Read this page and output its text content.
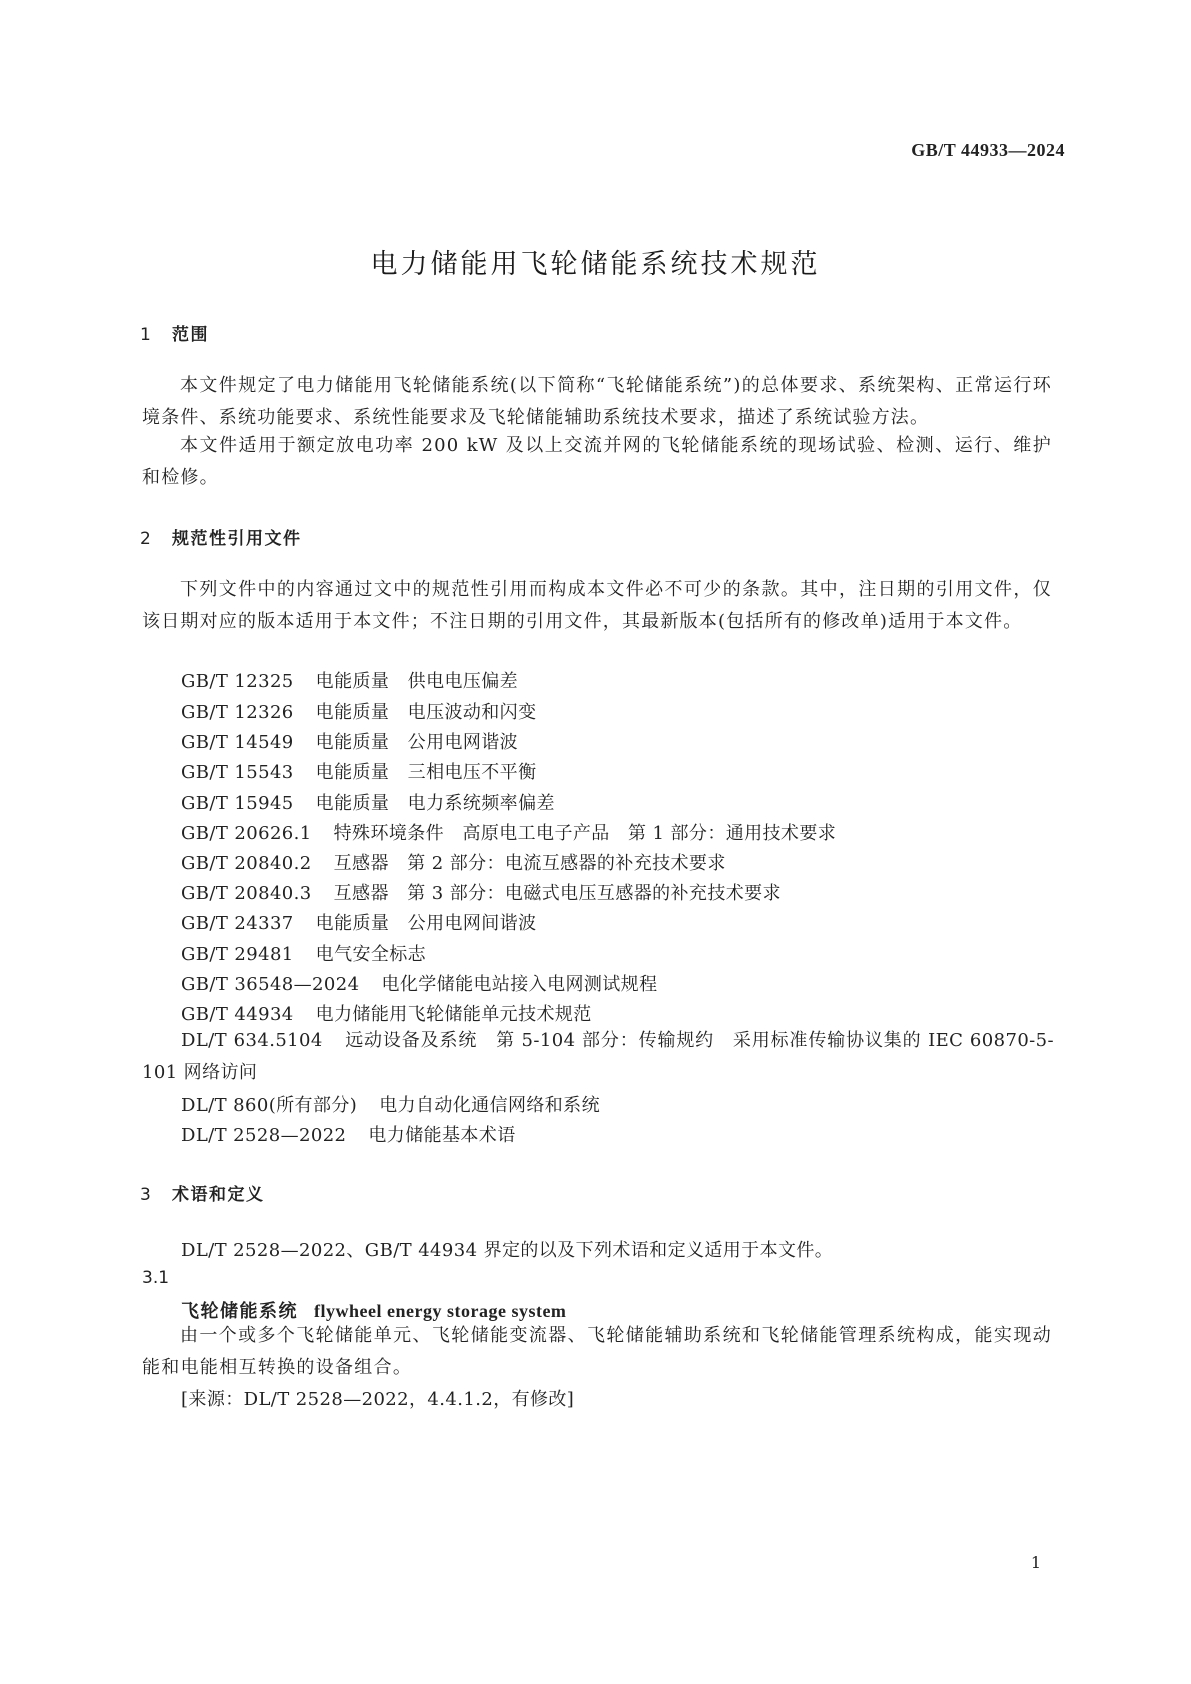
GB/T 44933—2024
电力储能用飞轮储能系统技术规范
1 范围
本文件规定了电力储能用飞轮储能系统(以下简称“飞轮储能系统”)的总体要求、系统架构、正常运行环境条件、系统功能要求、系统性能要求及飞轮储能辅助系统技术要求，描述了系统试验方法。
本文件适用于额定放电功率 200 kW 及以上交流并网的飞轮储能系统的现场试验、检测、运行、维护和检修。
2 规范性引用文件
下列文件中的内容通过文中的规范性引用而构成本文件必不可少的条款。其中，注日期的引用文件，仅该日期对应的版本适用于本文件；不注日期的引用文件，其最新版本(包括所有的修改单)适用于本文件。
GB/T 12325 电能质量　供电电压偏差
GB/T 12326 电能质量　电压波动和闪变
GB/T 14549 电能质量　公用电网谐波
GB/T 15543 电能质量　三相电压不平衡
GB/T 15945 电能质量　电力系统频率偏差
GB/T 20626.1 特殊环境条件　高原电工电子产品　第 1 部分：通用技术要求
GB/T 20840.2 互感器　第 2 部分：电流互感器的补充技术要求
GB/T 20840.3 互感器　第 3 部分：电磁式电压互感器的补充技术要求
GB/T 24337 电能质量　公用电网间谐波
GB/T 29481 电气安全标志
GB/T 36548—2024 电化学储能电站接入电网测试规程
GB/T 44934 电力储能用飞轮储能单元技术规范
DL/T 634.5104 远动设备及系统　第 5-104 部分：传输规约　采用标准传输协议集的 IEC 60870-5-101 网络访问
DL/T 860(所有部分) 电力自动化通信网络和系统
DL/T 2528—2022 电力储能基本术语
3 术语和定义
DL/T 2528—2022、GB/T 44934 界定的以及下列术语和定义适用于本文件。
3.1
飞轮储能系统 flywheel energy storage system
由一个或多个飞轮储能单元、飞轮储能变流器、飞轮储能辅助系统和飞轮储能管理系统构成，能实现动能和电能相互转换的设备组合。
[来源：DL/T 2528—2022，4.4.1.2，有修改]
1
